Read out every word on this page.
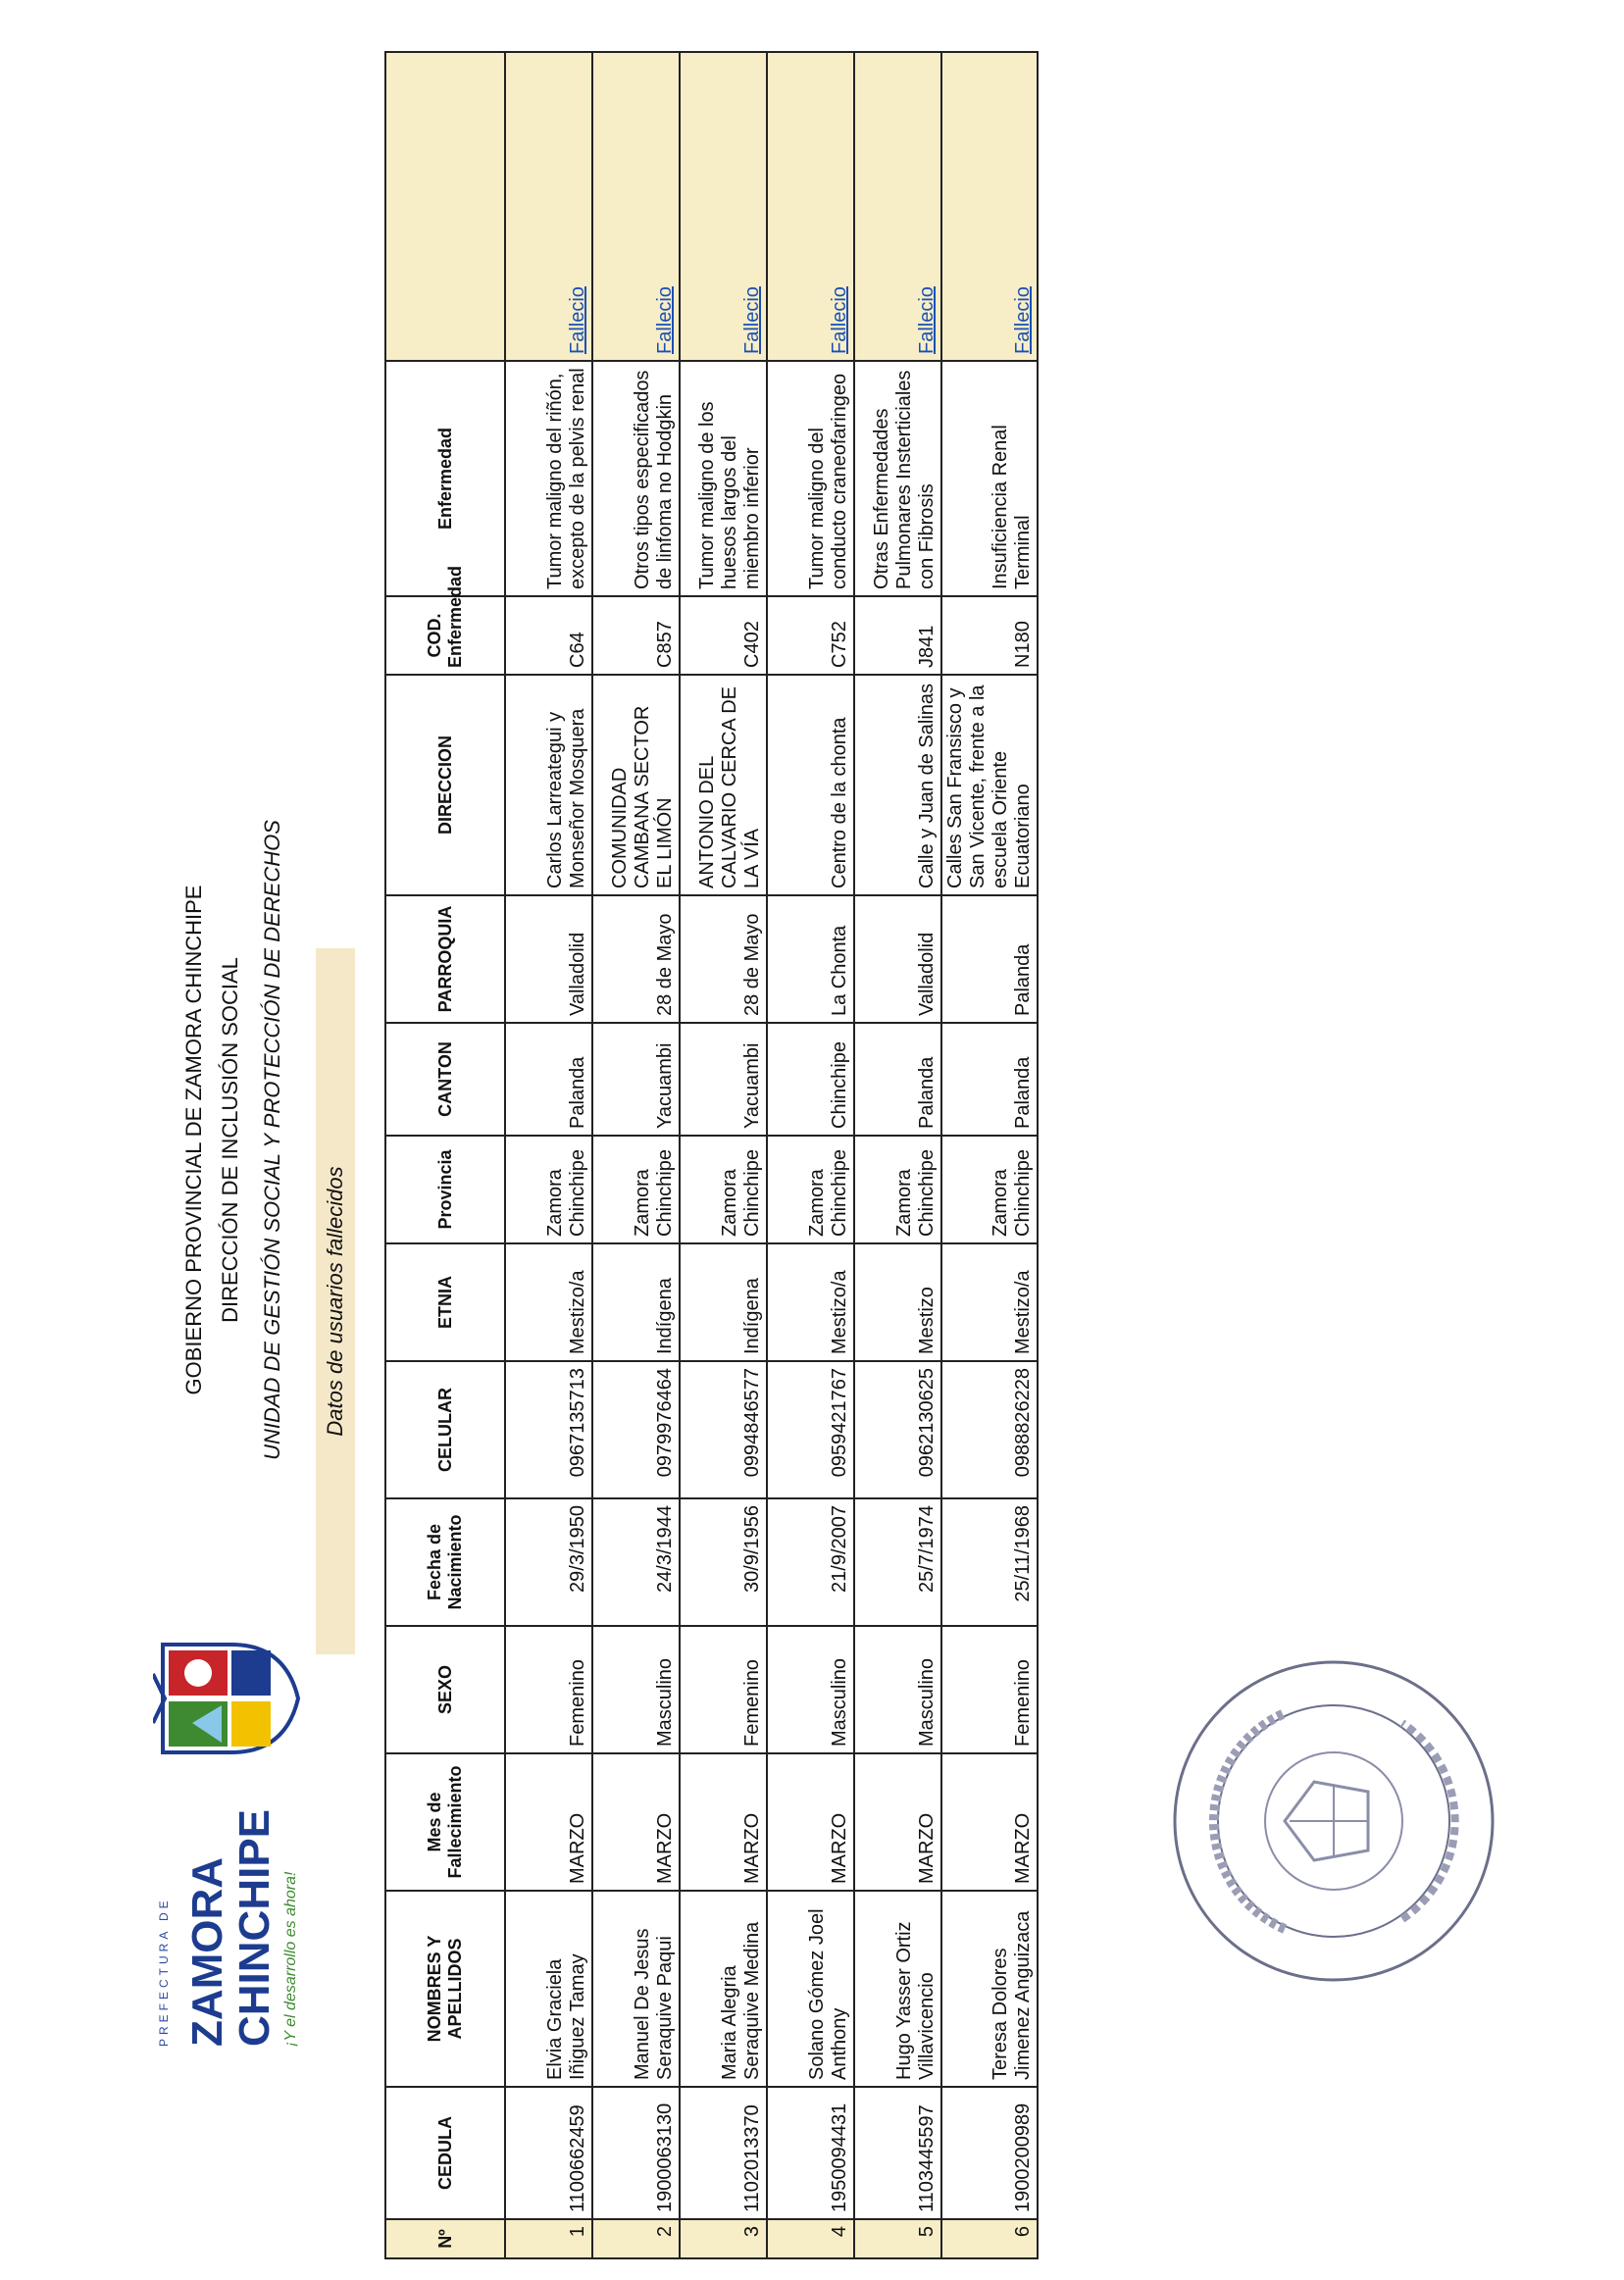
PREFECTURA DE ZAMORA CHINCHIPE ¡Y el desarrollo es ahora!
GOBIERNO PROVINCIAL DE ZAMORA CHINCHIPE DIRECCIÓN DE INCLUSIÓN SOCIAL UNIDAD DE GESTIÓN SOCIAL Y PROTECCIÓN DE DERECHOS	Datos de usuarios fallecidos
Nº	CEDULA	NOMBRES Y APELLIDOS	Mes de Fallecimiento	SEXO	Fecha de Nacimiento	CELULAR	ETNIA	Provincia	CANTON	PARROQUIA	DIRECCION	COD. Enfermedad	Enfermedad	
1	1100662459	Elvia Graciela Iñiguez Tamay	MARZO	Femenino	29/3/1950	0967135713	Mestizo/a	Zamora Chinchipe	Palanda	Valladolid	Carlos Larreategui y Monseñor Mosquera	C64	Tumor maligno del riñón, excepto de la pelvis renal	Fallecio
2	1900063130	Manuel De Jesus Seraquive Paqui	MARZO	Masculino	24/3/1944	0979976464	Indígena	Zamora Chinchipe	Yacuambi	28 de Mayo	COMUNIDAD CAMBANA SECTOR EL LIMÓN	C857	Otros tipos especificados de linfoma no Hodgkin	Fallecio
3	1102013370	Maria Alegria Seraquive Medina	MARZO	Femenino	30/9/1956	0994846577	Indígena	Zamora Chinchipe	Yacuambi	28 de Mayo	ANTONIO DEL CALVARIO CERCA DE LA VÍA	C402	Tumor maligno de los huesos largos del miembro inferior	Fallecio
4	1950094431	Solano Gómez Joel Anthony	MARZO	Masculino	21/9/2007	0959421767	Mestizo/a	Zamora Chinchipe	Chinchipe	La Chonta	Centro de la chonta	C752	Tumor maligno del conducto craneofaringeo	Fallecio
5	1103445597	Hugo Yasser Ortiz Villavicencio	MARZO	Masculino	25/7/1974	0962130625	Mestizo	Zamora Chinchipe	Palanda	Valladolid	Calle y Juan de Salinas	J841	Otras Enfermedades Pulmonares Insterticiales con Fibrosis	Fallecio
6	1900200989	Teresa Dolores Jimenez Anguizaca	MARZO	Femenino	25/11/1968	0988826228	Mestizo/a	Zamora Chinchipe	Palanda	Palanda	Calles San Fransisco y San Vicente, frente a la escuela Oriente Ecuatoriano	N180	Insuficiencia Renal Terminal	Fallecio
